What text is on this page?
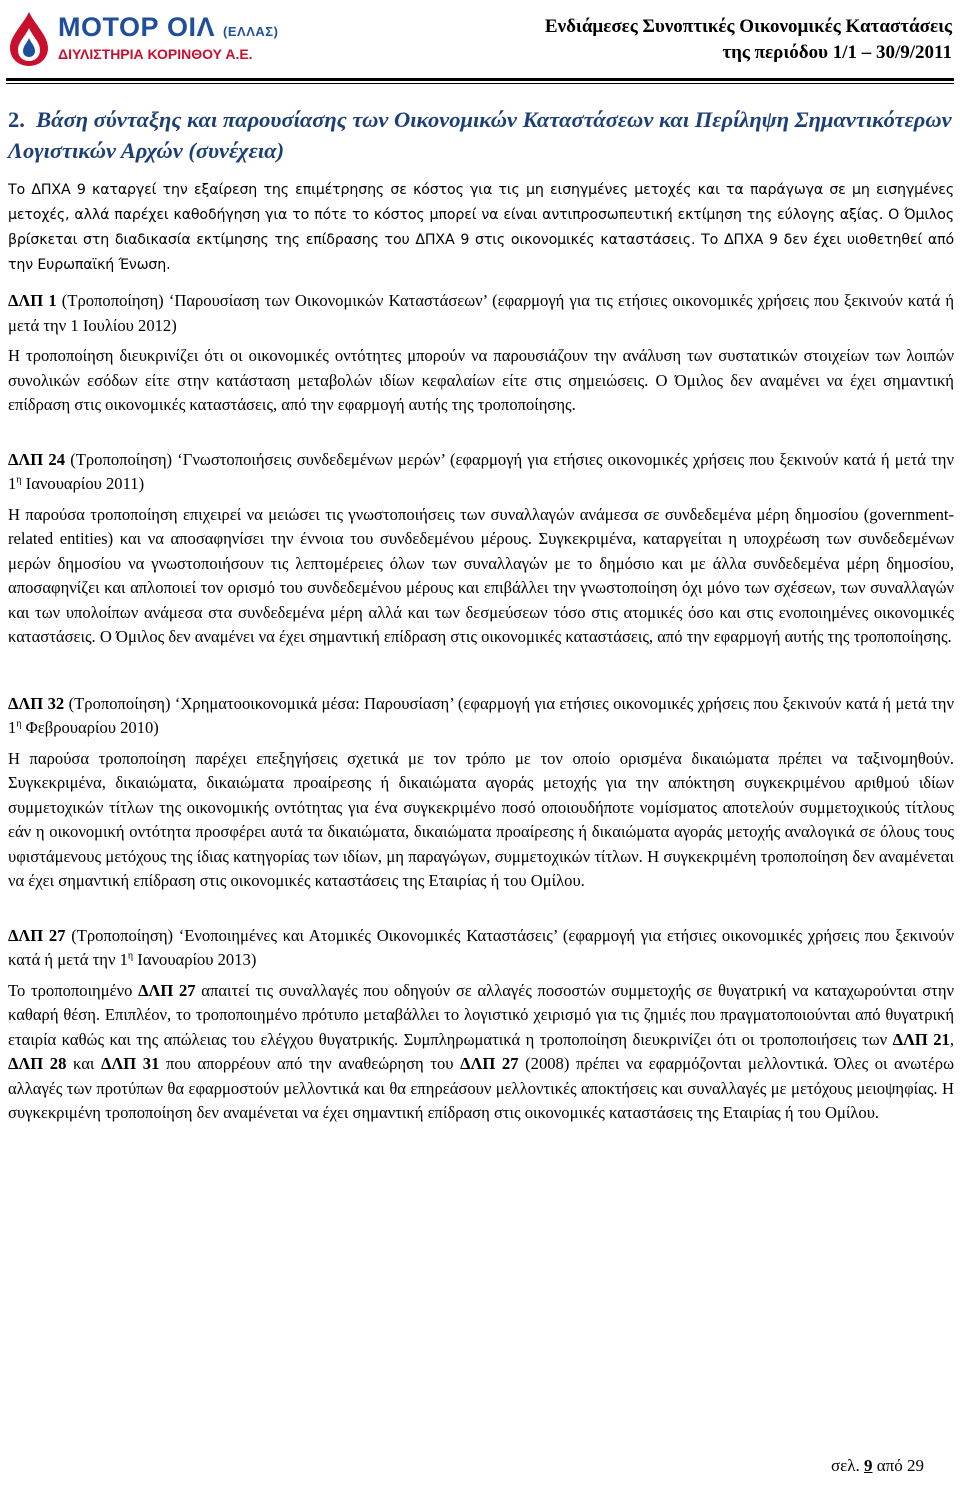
ΜΟΤΟΡ ΟΙΛ (ΕΛΛΑΣ)
ΔΙΥΛΙΣΤΗΡΙΑ ΚΟΡΙΝΘΟΥ Α.Ε.
Ενδιάμεσες Συνοπτικές Οικονομικές Καταστάσεις
της περιόδου 1/1 – 30/9/2011
2. Βάση σύνταξης και παρουσίασης των Οικονομικών Καταστάσεων και Περίληψη Σημαντικότερων Λογιστικών Αρχών (συνέχεια)

Το ΔΠΧΑ 9 καταργεί την εξαίρεση της επιμέτρησης σε κόστος για τις μη εισηγμένες μετοχές και τα παράγωγα σε μη εισηγμένες μετοχές, αλλά παρέχει καθοδήγηση για το πότε το κόστος μπορεί να είναι αντιπροσωπευτική εκτίμηση της εύλογης αξίας. Ο Όμιλος βρίσκεται στη διαδικασία εκτίμησης της επίδρασης του ΔΠΧΑ 9 στις οικονομικές καταστάσεις. Το ΔΠΧΑ 9 δεν έχει υιοθετηθεί από την Ευρωπαϊκή Ένωση.

ΔΛΠ 1 (Τροποποίηση) ‘Παρουσίαση των Οικονομικών Καταστάσεων’ (εφαρμογή για τις ετήσιες οικονομικές χρήσεις που ξεκινούν κατά ή μετά την 1 Ιουλίου 2012)

Η τροποποίηση διευκρινίζει ότι οι οικονομικές οντότητες μπορούν να παρουσιάζουν την ανάλυση των συστατικών στοιχείων των λοιπών συνολικών εσόδων είτε στην κατάσταση μεταβολών ιδίων κεφαλαίων είτε στις σημειώσεις. Ο Όμιλος δεν αναμένει να έχει σημαντική επίδραση στις οικονομικές καταστάσεις, από την εφαρμογή αυτής της τροποποίησης.

ΔΛΠ 24 (Τροποποίηση) ‘Γνωστοποιήσεις συνδεδεμένων μερών’ (εφαρμογή για ετήσιες οικονομικές χρήσεις που ξεκινούν κατά ή μετά την $1^\eta$ Ιανουαρίου 2011)

Η παρούσα τροποποίηση επιχειρεί να μειώσει τις γνωστοποιήσεις των συναλλαγών ανάμεσα σε συνδεδεμένα μέρη δημοσίου (government-related entities) και να αποσαφηνίσει την έννοια του συνδεδεμένου μέρους. Συγκεκριμένα, καταργείται η υποχρέωση των συνδεδεμένων μερών δημοσίου να γνωστοποιήσουν τις λεπτομέρειες όλων των συναλλαγών με το δημόσιο και με άλλα συνδεδεμένα μέρη δημοσίου, αποσαφηνίζει και απλοποιεί τον ορισμό του συνδεδεμένου μέρους και επιβάλλει την γνωστοποίηση όχι μόνο των σχέσεων, των συναλλαγών και των υπολοίπων ανάμεσα στα συνδεδεμένα μέρη αλλά και των δεσμεύσεων τόσο στις ατομικές όσο και στις ενοποιημένες οικονομικές καταστάσεις. Ο Όμιλος δεν αναμένει να έχει σημαντική επίδραση στις οικονομικές καταστάσεις, από την εφαρμογή αυτής της τροποποίησης.

ΔΛΠ 32 (Τροποποίηση) ‘Χρηματοοικονομικά μέσα: Παρουσίαση’ (εφαρμογή για ετήσιες οικονομικές χρήσεις που ξεκινούν κατά ή μετά την $1^\eta$ Φεβρουαρίου 2010)

Η παρούσα τροποποίηση παρέχει επεξηγήσεις σχετικά με τον τρόπο με τον οποίο ορισμένα δικαιώματα πρέπει να ταξινομηθούν. Συγκεκριμένα, δικαιώματα, δικαιώματα προαίρεσης ή δικαιώματα αγοράς μετοχής για την απόκτηση συγκεκριμένου αριθμού ιδίων συμμετοχικών τίτλων της οικονομικής οντότητας για ένα συγκεκριμένο ποσό οποιουδήποτε νομίσματος αποτελούν συμμετοχικούς τίτλους εάν η οικονομική οντότητα προσφέρει αυτά τα δικαιώματα, δικαιώματα προαίρεσης ή δικαιώματα αγοράς μετοχής αναλογικά σε όλους τους υφιστάμενους μετόχους της ίδιας κατηγορίας των ιδίων, μη παραγώγων, συμμετοχικών τίτλων. Η συγκεκριμένη τροποποίηση δεν αναμένεται να έχει σημαντική επίδραση στις οικονομικές καταστάσεις της Εταιρίας ή του Ομίλου.

ΔΛΠ 27 (Τροποποίηση) ‘Ενοποιημένες και Ατομικές Οικονομικές Καταστάσεις’ (εφαρμογή για ετήσιες οικονομικές χρήσεις που ξεκινούν κατά ή μετά την $1^\eta$ Ιανουαρίου 2013)

Το τροποποιημένο ΔΛΠ 27 απαιτεί τις συναλλαγές που οδηγούν σε αλλαγές ποσοστών συμμετοχής σε θυγατρική να καταχωρούνται στην καθαρή θέση. Επιπλέον, το τροποποιημένο πρότυπο μεταβάλλει το λογιστικό χειρισμό για τις ζημιές που πραγματοποιούνται από θυγατρική εταιρία καθώς και της απώλειας του ελέγχου θυγατρικής. Συμπληρωματικά η τροποποίηση διευκρινίζει ότι οι τροποποιήσεις των ΔΛΠ 21, ΔΛΠ 28 και ΔΛΠ 31 που απορρέουν από την αναθεώρηση του ΔΛΠ 27 (2008) πρέπει να εφαρμόζονται μελλοντικά. Όλες οι ανωτέρω αλλαγές των προτύπων θα εφαρμοστούν μελλοντικά και θα επηρεάσουν μελλοντικές αποκτήσεις και συναλλαγές με μετόχους μειοψηφίας. Η συγκεκριμένη τροποποίηση δεν αναμένεται να έχει σημαντική επίδραση στις οικονομικές καταστάσεις της Εταιρίας ή του Ομίλου.

σελ. 9 από 29
